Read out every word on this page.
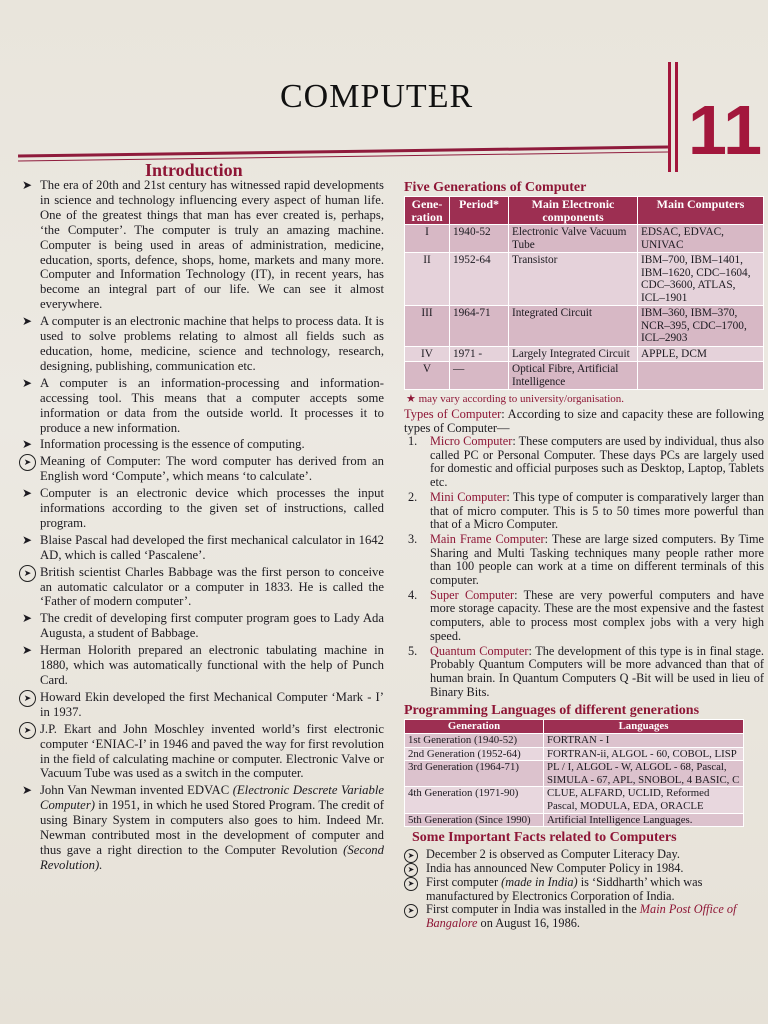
COMPUTER	11
Introduction
➤ The era of 20th and 21st century has witnessed rapid developments in science and technology influencing every aspect of human life. One of the greatest things that man has ever created is, perhaps, ‘the Computer’. The computer is truly an amazing machine. Computer is being used in areas of administration, medicine, education, sports, defence, shops, home, markets and many more. Computer and Information Technology (IT), in recent years, has become an integral part of our life. We can see it almost everywhere.
➤ A computer is an electronic machine that helps to process data. It is used to solve problems relating to almost all fields such as education, home, medicine, science and technology, research, designing, publishing, communication etc.
➤ A computer is an information-processing and information-accessing tool. This means that a computer accepts some information or data from the outside world. It processes it to produce a new information.
➤ Information processing is the essence of computing.
➤ Meaning of Computer: The word computer has derived from an English word ‘Compute’, which means ‘to calculate’.
➤ Computer is an electronic device which processes the input informations according to the given set of instructions, called program.
➤ Blaise Pascal had developed the first mechanical calculator in 1642 AD, which is called ‘Pascalene’.
➤ British scientist Charles Babbage was the first person to conceive an automatic calculator or a computer in 1833. He is called the ‘Father of modern computer’.
➤ The credit of developing first computer program goes to Lady Ada Augusta, a student of Babbage.
➤ Herman Holorith prepared an electronic tabulating machine in 1880, which was automatically functional with the help of Punch Card.
➤ Howard Ekin developed the first Mechanical Computer ‘Mark - I’ in 1937.
➤ J.P. Ekart and John Moschley invented world’s first electronic computer ‘ENIAC-I’ in 1946 and paved the way for first revolution in the field of calculating machine or computer. Electronic Valve or Vacuum Tube was used as a switch in the computer.
➤ John Van Newman invented EDVAC (Electronic Descrete Variable Computer) in 1951, in which he used Stored Program. The credit of using Binary System in computers also goes to him. Indeed Mr. Newman contributed most in the development of computer and thus gave a right direction to the Computer Revolution (Second Revolution).
Five Generations of Computer
Gene-ration	Period*	Main Electronic components	Main Computers
I	1940-52	Electronic Valve Vacuum Tube	EDSAC, EDVAC, UNIVAC
II	1952-64	Transistor	IBM–700, IBM–1401, IBM–1620, CDC–1604, CDC–3600, ATLAS, ICL–1901
III	1964-71	Integrated Circuit	IBM–360, IBM–370, NCR–395, CDC–1700, ICL–2903
IV	1971 -	Largely Integrated Circuit	APPLE, DCM
V	—	Optical Fibre, Artificial Intelligence	
★ may vary according to university/organisation.
Types of Computer: According to size and capacity these are following types of Computer—
1. Micro Computer: These computers are used by individual, thus also called PC or Personal Computer. These days PCs are largely used for domestic and official purposes such as Desktop, Laptop, Tablets etc.
2. Mini Computer: This type of computer is comparatively larger than that of micro computer. This is 5 to 50 times more powerful than that of a Micro Computer.
3. Main Frame Computer: These are large sized computers. By Time Sharing and Multi Tasking techniques many people rather more than 100 people can work at a time on different terminals of this computer.
4. Super Computer: These are very powerful computers and have more storage capacity. These are the most expensive and the fastest computers, able to process most complex jobs with a very high speed.
5. Quantum Computer: The development of this type is in final stage. Probably Quantum Computers will be more advanced than that of human brain. In Quantum Computers Q -Bit will be used in lieu of Binary Bits.
Programming Languages of different generations
Generation	Languages
1st Generation (1940-52)	FORTRAN - I
2nd Generation (1952-64)	FORTRAN-ii, ALGOL - 60, COBOL, LISP
3rd Generation (1964-71)	PL / I, ALGOL - W, ALGOL - 68, Pascal, SIMULA - 67, APL, SNOBOL, 4 BASIC, C
4th Generation (1971-90)	CLUE, ALFARD, UCLID, Reformed Pascal, MODULA, EDA, ORACLE
5th Generation (Since 1990)	Artificial Intelligence Languages.
Some Important Facts related to Computers
➤ December 2 is observed as Computer Literacy Day.
➤ India has announced New Computer Policy in 1984.
➤ First computer (made in India) is ‘Siddharth’ which was manufactured by Electronics Corporation of India.
➤ First computer in India was installed in the Main Post Office of Bangalore on August 16, 1986.
